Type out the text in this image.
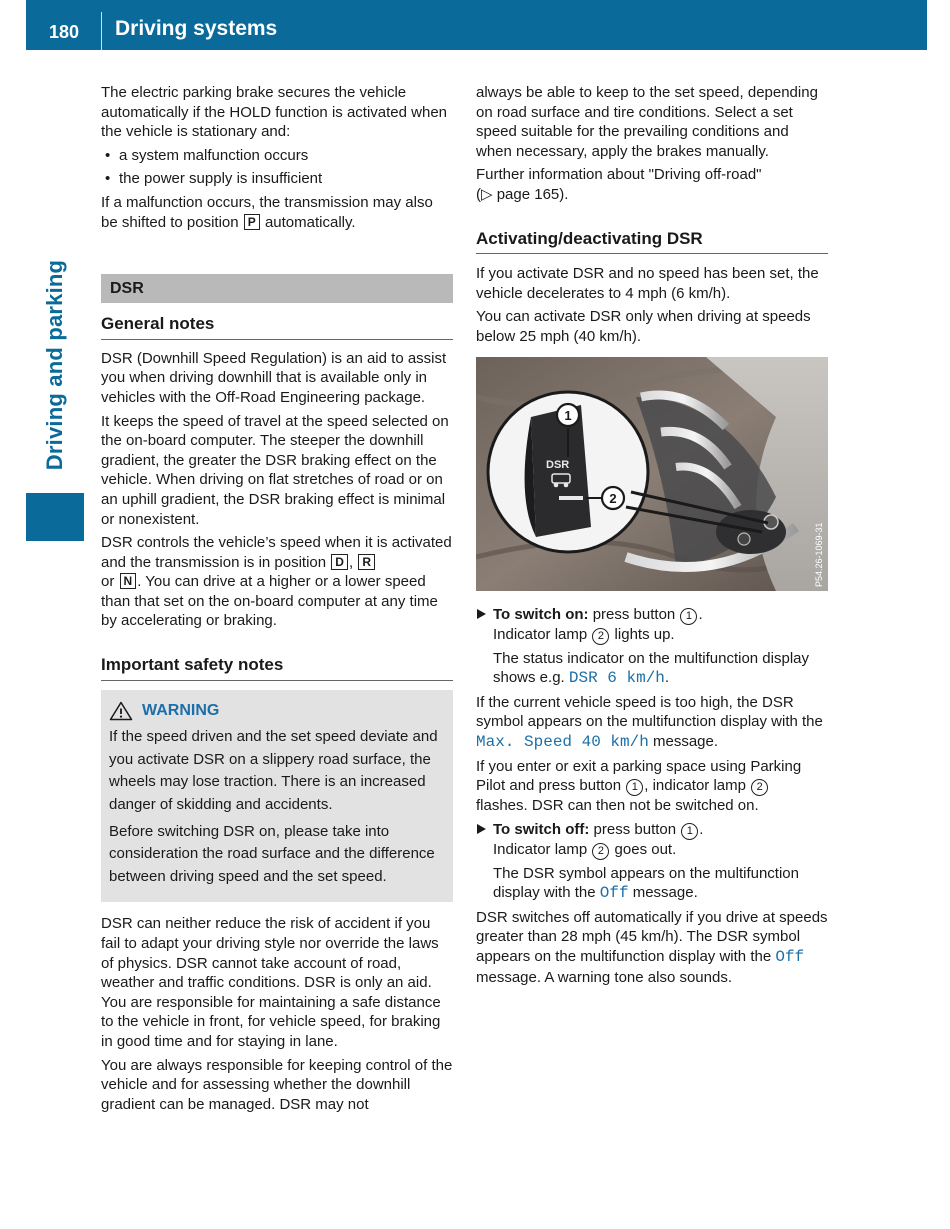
180	Driving systems
Driving and parking

The electric parking brake secures the vehicle automatically if the HOLD function is activated when the vehicle is stationary and:

• a system malfunction occurs
• the power supply is insufficient

If a malfunction occurs, the transmission may also be shifted to position P automatically.

DSR
General notes

DSR (Downhill Speed Regulation) is an aid to assist you when driving downhill that is available only in vehicles with the Off-Road Engineering package.

It keeps the speed of travel at the speed selected on the on-board computer. The steeper the downhill gradient, the greater the DSR braking effect on the vehicle. When driving on flat stretches of road or on an uphill gradient, the DSR braking effect is minimal or nonexistent.

DSR controls the vehicle’s speed when it is activated and the transmission is in position D , R
or N . You can drive at a higher or a lower speed than that set on the on-board computer at any time by accelerating or braking.

Important safety notes
WARNING

If the speed driven and the set speed deviate and you activate DSR on a slippery road surface, the wheels may lose traction. There is an increased danger of skidding and accidents.

Before switching DSR on, please take into consideration the road surface and the difference between driving speed and the set speed.

DSR can neither reduce the risk of accident if you fail to adapt your driving style nor override the laws of physics. DSR cannot take account of road, weather and traffic conditions. DSR is only an aid. You are responsible for maintaining a safe distance to the vehicle in front, for vehicle speed, for braking in good time and for staying in lane.

You are always responsible for keeping control of the vehicle and for assessing whether the downhill gradient can be managed. DSR may not

always be able to keep to the set speed, depending on road surface and tire conditions. Select a set speed suitable for the prevailing conditions and when necessary, apply the brakes manually.

Further information about "Driving off-road"
(▷ page 165).

Activating/deactivating DSR

If you activate DSR and no speed has been set, the vehicle decelerates to 4 mph (6 km/h).

You can activate DSR only when driving at speeds below 25 mph (40 km/h).

DSR
1
2
P54.26-1069-31
To switch on: press button 1 .
Indicator lamp 2 lights up.

The status indicator on the multifunction display shows e.g. DSR 6 km/h.

If the current vehicle speed is too high, the DSR symbol appears on the multifunction display with the Max. Speed 40 km/h message.

If you enter or exit a parking space using Parking Pilot and press button 1 , indicator lamp 2
flashes. DSR can then not be switched on.

To switch off: press button 1 .
Indicator lamp 2 goes out.

The DSR symbol appears on the multifunction display with the Off message.

DSR switches off automatically if you drive at speeds greater than 28 mph (45 km/h). The DSR symbol appears on the multifunction display with the Off message. A warning tone also sounds.
